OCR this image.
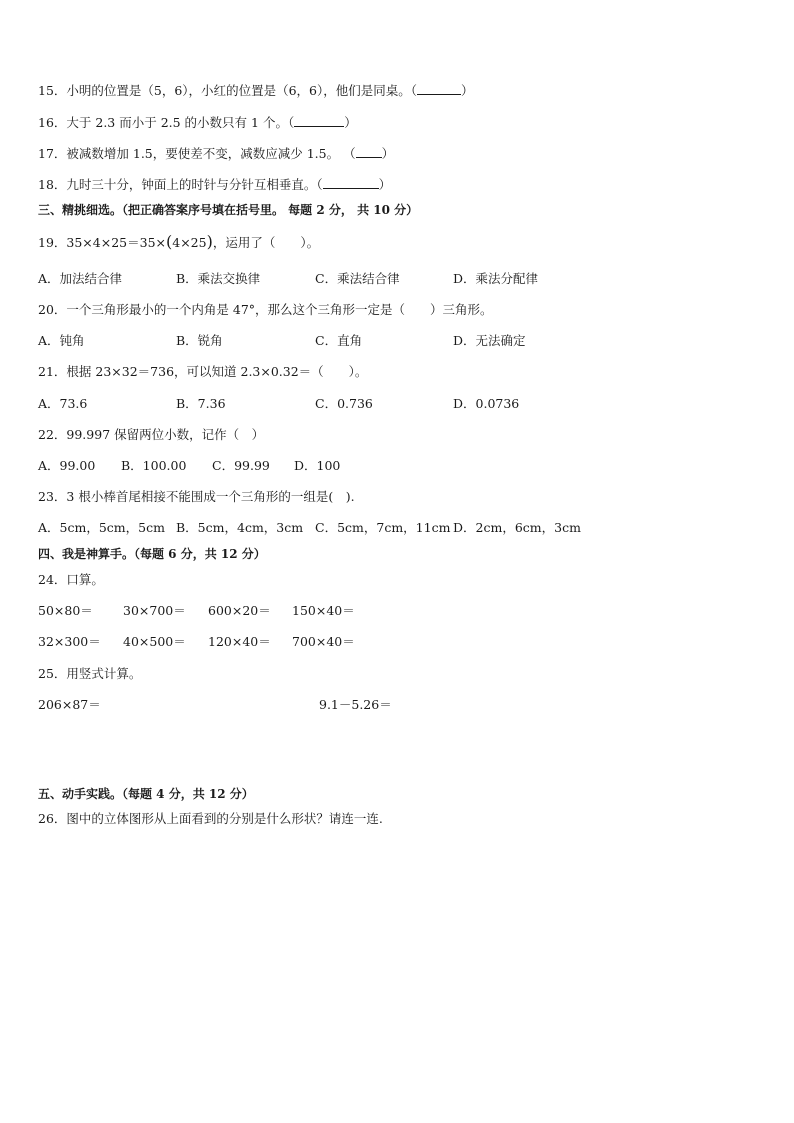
15．小明的位置是（5，6），小红的位置是（6，6），他们是同桌。（	）
16．大于 2.3 而小于 2.5 的小数只有 1 个。（	）
17．被减数增加 1.5，要使差不变，减数应减少 1.5。 （ ）
18．九时三十分，钟面上的时针与分针互相垂直。（	）
三、精挑细选。（把正确答案序号填在括号里。 每题 2 分， 共 10 分）
19．35×4×25＝35×(4×25)，运用了（　　）。
A．加法结合律	B．乘法交换律	C．乘法结合律	D．乘法分配律
20．一个三角形最小的一个内角是 47°，那么这个三角形一定是（　　）三角形。
A．钝角	B．锐角	C．直角	D．无法确定
21．根据 23×32＝736，可以知道 2.3×0.32＝（　　）。
A．73.6	B．7.36	C．0.736	D．0.0736
22．99.997 保留两位小数，记作（　）
A．99.00 B．100.00 C．99.99 D．100
23．3 根小棒首尾相接不能围成一个三角形的一组是(　).
A．5cm，5cm，5cm B．5cm，4cm，3cm C．5cm，7cm，11cm D．2cm，6cm，3cm
四、我是神算手。（每题 6 分，共 12 分）
24．口算。
50×80＝ 30×700＝ 600×20＝ 150×40＝
32×300＝ 40×500＝ 120×40＝ 700×40＝
25．用竖式计算。
206×87＝	9.1－5.26＝
五、动手实践。（每题 4 分，共 12 分）
26．图中的立体图形从上面看到的分别是什么形状？请连一连.
